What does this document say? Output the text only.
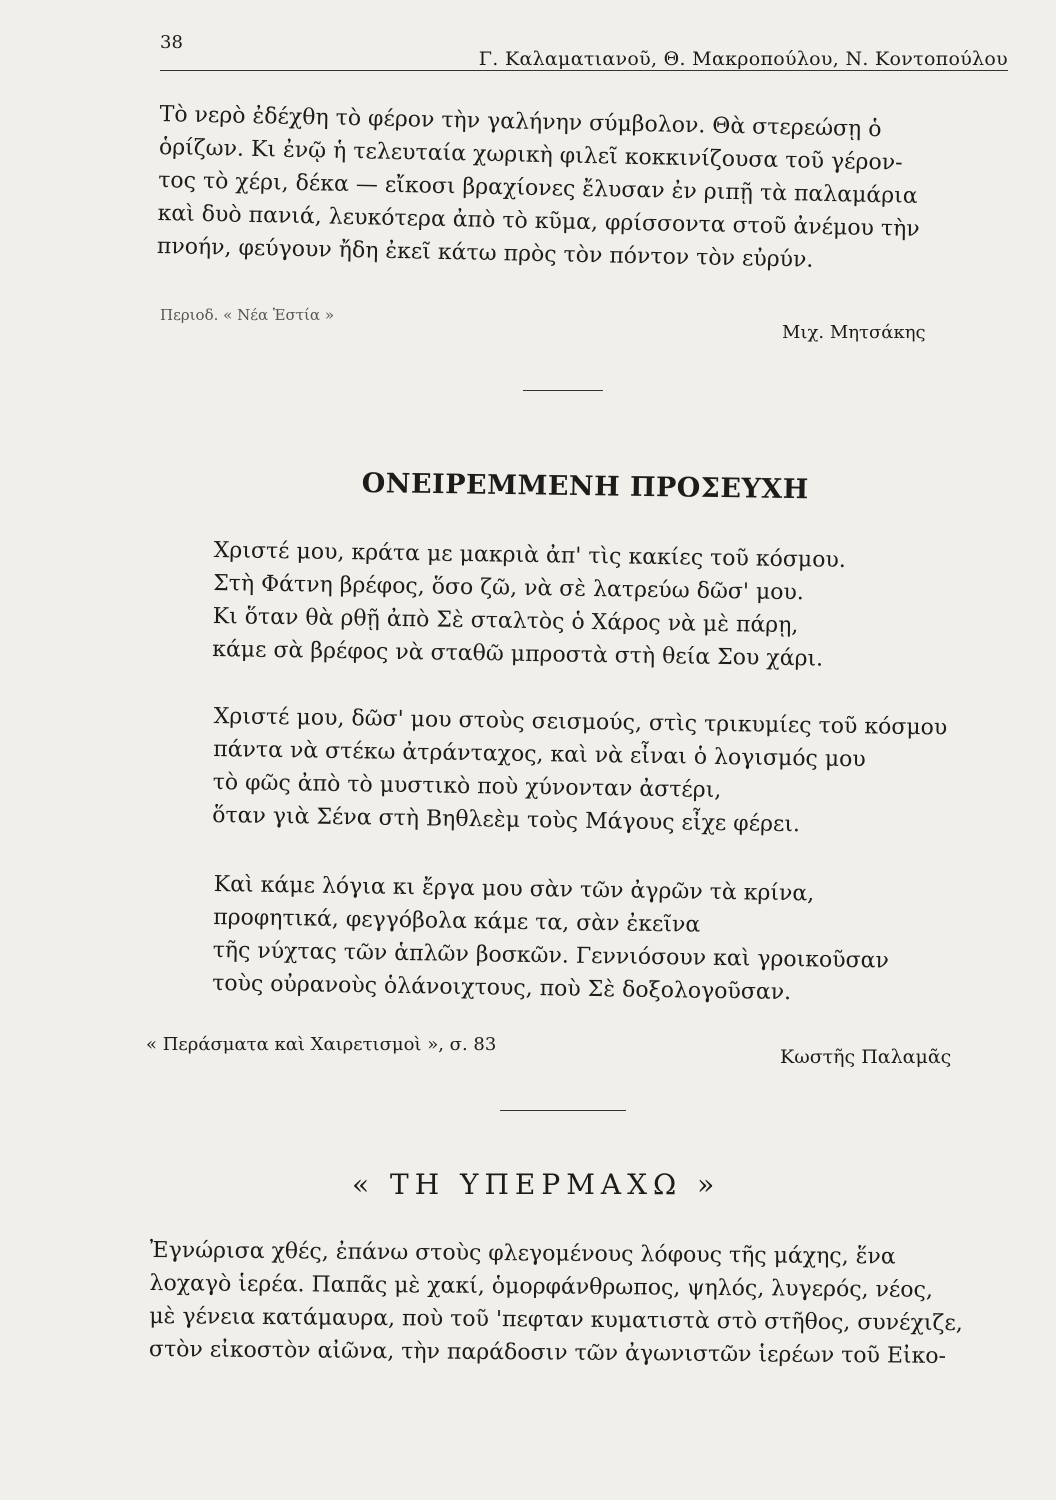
38
Γ. Καλαματιανοῦ, Θ. Μακροπούλου, Ν. Κοντοπούλου
Τὸ νερὸ ἐδέχθη τὸ φέρον τὴν γαλήνην σύμβολον. Θὰ στερεώσῃ ὁ
ὁρίζων. Κι ἐνῷ ἡ τελευταία χωρικὴ φιλεῖ κοκκινίζουσα τοῦ γέρον-
τος τὸ χέρι, δέκα — εἴκοσι βραχίονες ἔλυσαν ἐν ριπῇ τὰ παλαμάρια
καὶ δυὸ πανιά, λευκότερα ἀπὸ τὸ κῦμα, φρίσσοντα στοῦ ἀνέμου τὴν
πνοήν, φεύγουν ἤδη ἐκεῖ κάτω πρὸς τὸν πόντον τὸν εὐρύν.
Περιοδ. « Νέα Ἑστία »
Μιχ. Μητσάκης
ΟΝΕΙΡΕΜΜΕΝΗ ΠΡΟΣΕΥΧΗ
Χριστέ μου, κράτα με μακριὰ ἀπ' τὶς κακίες τοῦ κόσμου.
Στὴ Φάτνη βρέφος, ὅσο ζῶ, νὰ σὲ λατρεύω δῶσ' μου.
Κι ὅταν θὰ ρθῇ ἀπὸ Σὲ σταλτὸς ὁ Χάρος νὰ μὲ πάρῃ,
κάμε σὰ βρέφος νὰ σταθῶ μπροστὰ στὴ θεία Σου χάρι.
Χριστέ μου, δῶσ' μου στοὺς σεισμούς, στὶς τρικυμίες τοῦ κόσμου
πάντα νὰ στέκω ἀτράνταχος, καὶ νὰ εἶναι ὁ λογισμός μου
τὸ φῶς ἀπὸ τὸ μυστικὸ ποὺ χύνονταν ἀστέρι,
ὅταν γιὰ Σένα στὴ Βηθλεὲμ τοὺς Μάγους εἶχε φέρει.
Καὶ κάμε λόγια κι ἔργα μου σὰν τῶν ἀγρῶν τὰ κρίνα,
προφητικά, φεγγόβολα κάμε τα, σὰν ἐκεῖνα
τῆς νύχτας τῶν ἁπλῶν βοσκῶν. Γεννιόσουν καὶ γροικοῦσαν
τοὺς οὐρανοὺς ὁλάνοιχτους, ποὺ Σὲ δοξολογοῦσαν.
« Περάσματα καὶ Χαιρετισμοὶ », σ. 83
Κωστῆς Παλαμᾶς
« ΤΗ ΥΠΕΡΜΑΧΩ »
Ἐγνώρισα χθές, ἐπάνω στοὺς φλεγομένους λόφους τῆς μάχης, ἕνα
λοχαγὸ ἱερέα. Παπᾶς μὲ χακί, ὁμορφάνθρωπος, ψηλός, λυγερός, νέος,
μὲ γένεια κατάμαυρα, ποὺ τοῦ 'πεφταν κυματιστὰ στὸ στῆθος, συνέχιζε,
στὸν εἰκοστὸν αἰῶνα, τὴν παράδοσιν τῶν ἀγωνιστῶν ἱερέων τοῦ Εἰκο-
